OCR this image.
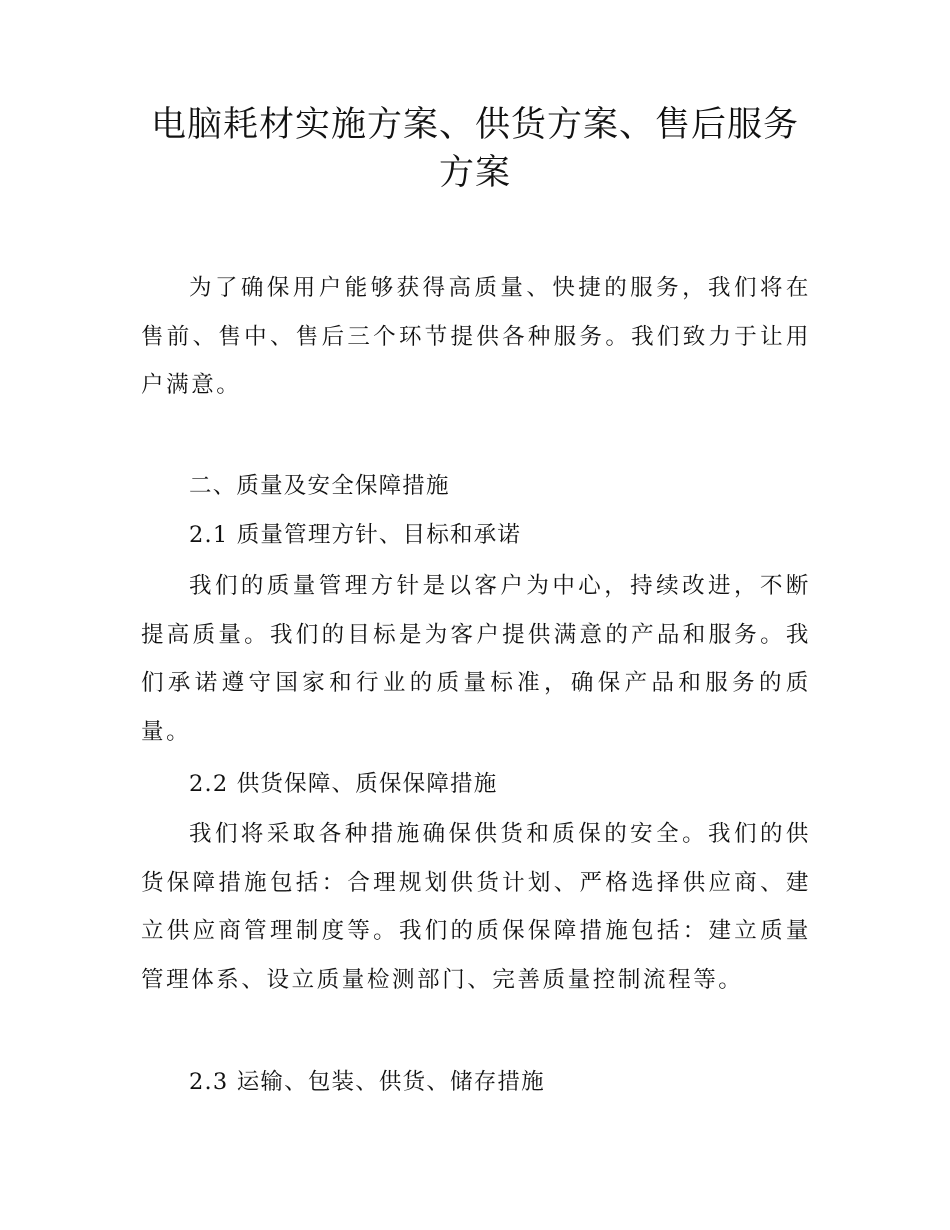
电脑耗材实施方案、供货方案、售后服务方案

为了确保用户能够获得高质量、快捷的服务，我们将在售前、售中、售后三个环节提供各种服务。我们致力于让用户满意。

二、质量及安全保障措施
2.1 质量管理方针、目标和承诺

我们的质量管理方针是以客户为中心，持续改进，不断提高质量。我们的目标是为客户提供满意的产品和服务。我们承诺遵守国家和行业的质量标准，确保产品和服务的质量。

2.2 供货保障、质保保障措施

我们将采取各种措施确保供货和质保的安全。我们的供货保障措施包括：合理规划供货计划、严格选择供应商、建立供应商管理制度等。我们的质保保障措施包括：建立质量管理体系、设立质量检测部门、完善质量控制流程等。

2.3 运输、包装、供货、储存措施
